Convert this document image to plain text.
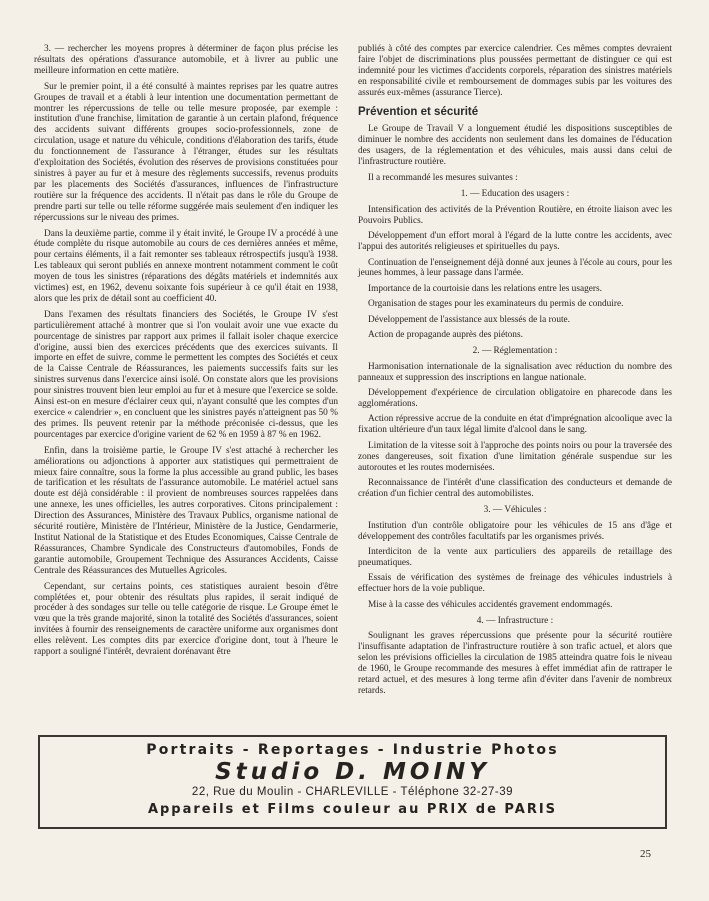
3. — rechercher les moyens propres à déterminer de façon plus précise les résultats des opérations d'assurance automobile, et à livrer au public une meilleure information en cette matière.

Sur le premier point, il a été consulté à maintes reprises par les quatre autres Groupes de travail et a établi à leur intention une documentation permettant de montrer les répercussions de telle ou telle mesure proposée, par exemple : institution d'une franchise, limitation de garantie à un certain plafond, fréquence des accidents suivant différents groupes socio-professionnels, zone de circulation, usage et nature du véhicule, conditions d'élaboration des tarifs, étude du fonctionnement de l'assurance à l'étranger, études sur les résultats d'exploitation des Sociétés, évolution des réserves de provisions constituées pour sinistres à payer au fur et à mesure des règlements successifs, revenus produits par les placements des Sociétés d'assurances, influences de l'infrastructure routière sur la fréquence des accidents. Il n'était pas dans le rôle du Groupe de prendre parti sur telle ou telle réforme suggérée mais seulement d'en indiquer les répercussions sur le niveau des primes.

Dans la deuxième partie, comme il y était invité, le Groupe IV a procédé à une étude complète du risque automobile au cours de ces dernières années et même, pour certains éléments, il a fait remonter ses tableaux rétrospectifs jusqu'à 1938. Les tableaux qui seront publiés en annexe montrent notamment comment le coût moyen de tous les sinistres (réparations des dégâts matériels et indemnités aux victimes) est, en 1962, devenu soixante fois supérieur à ce qu'il était en 1938, alors que les prix de détail sont au coefficient 40.

Dans l'examen des résultats financiers des Sociétés, le Groupe IV s'est particulièrement attaché à montrer que si l'on voulait avoir une vue exacte du pourcentage de sinistres par rapport aux primes il fallait isoler chaque exercice d'origine, aussi bien des exercices précédents que des exercices suivants. Il importe en effet de suivre, comme le permettent les comptes des Sociétés et ceux de la Caisse Centrale de Réassurances, les paiements successifs faits sur les sinistres survenus dans l'exercice ainsi isolé. On constate alors que les provisions pour sinistres trouvent bien leur emploi au fur et à mesure que l'exercice se solde. Ainsi est-on en mesure d'éclairer ceux qui, n'ayant consulté que les comptes d'un exercice « calendrier », en concluent que les sinistres payés n'atteignent pas 50 % des primes. Ils peuvent retenir par la méthode préconisée ci-dessus, que les pourcentages par exercice d'origine varient de 62 % en 1959 à 87 % en 1962.

Enfin, dans la troisième partie, le Groupe IV s'est attaché à rechercher les améliorations ou adjonctions à apporter aux statistiques qui permettraient de mieux faire connaître, sous la forme la plus accessible au grand public, les bases de tarification et les résultats de l'assurance automobile. Le matériel actuel sans doute est déjà considérable : il provient de nombreuses sources rappelées dans une annexe, les unes officielles, les autres corporatives. Citons principalement : Direction des Assurances, Ministère des Travaux Publics, organisme national de sécurité routière, Ministère de l'Intérieur, Ministère de la Justice, Gendarmerie, Institut National de la Statistique et des Etudes Economiques, Caisse Centrale de Réassurances, Chambre Syndicale des Constructeurs d'automobiles, Fonds de garantie automobile, Groupement Technique des Assurances Accidents, Caisse Centrale des Réassurances des Mutuelles Agricoles.

Cependant, sur certains points, ces statistiques auraient besoin d'être complétées et, pour obtenir des résultats plus rapides, il serait indiqué de procéder à des sondages sur telle ou telle catégorie de risque. Le Groupe émet le vœu que la très grande majorité, sinon la totalité des Sociétés d'assurances, soient invitées à fournir des renseignements de caractère uniforme aux organismes dont elles relèvent. Les comptes dits par exercice d'origine dont, tout à l'heure le rapport a souligné l'intérêt, devraient dorénavant être

publiés à côté des comptes par exercice calendrier. Ces mêmes comptes devraient faire l'objet de discriminations plus poussées permettant de distinguer ce qui est indemnité pour les victimes d'accidents corporels, réparation des sinistres matériels en responsabilité civile et remboursement de dommages subis par les voitures des assurés eux-mêmes (assurance Tierce).

Prévention et sécurité

Le Groupe de Travail V a longuement étudié les dispositions susceptibles de diminuer le nombre des accidents non seulement dans les domaines de l'éducation des usagers, de la réglementation et des véhicules, mais aussi dans celui de l'infrastructure routière.

Il a recommandé les mesures suivantes :

1. — Education des usagers :

Intensification des activités de la Prévention Routière, en étroite liaison avec les Pouvoirs Publics.

Développement d'un effort moral à l'égard de la lutte contre les accidents, avec l'appui des autorités religieuses et spirituelles du pays.

Continuation de l'enseignement déjà donné aux jeunes à l'école au cours, pour les jeunes hommes, à leur passage dans l'armée.

Importance de la courtoisie dans les relations entre les usagers.

Organisation de stages pour les examinateurs du permis de conduire.

Développement de l'assistance aux blessés de la route.

Action de propagande auprès des piétons.

2. — Réglementation :

Harmonisation internationale de la signalisation avec réduction du nombre des panneaux et suppression des inscriptions en langue nationale.

Développement d'expérience de circulation obligatoire en pharecode dans les agglomérations.

Action répressive accrue de la conduite en état d'imprégnation alcoolique avec la fixation ultérieure d'un taux légal limite d'alcool dans le sang.

Limitation de la vitesse soit à l'approche des points noirs ou pour la traversée des zones dangereuses, soit fixation d'une limitation générale suspendue sur les autoroutes et les routes modernisées.

Reconnaissance de l'intérêt d'une classification des conducteurs et demande de création d'un fichier central des automobilistes.

3. — Véhicules :

Institution d'un contrôle obligatoire pour les véhicules de 15 ans d'âge et développement des contrôles facultatifs par les organismes privés.

Interdiciton de la vente aux particuliers des appareils de retaillage des pneumatiques.

Essais de vérification des systèmes de freinage des véhicules industriels à effectuer hors de la voie publique.

Mise à la casse des véhicules accidentés gravement endommagés.

4. — Infrastructure :

Soulignant les graves répercussions que présente pour la sécurité routière l'insuffisante adaptation de l'infrastructure routière à son trafic actuel, et alors que selon les prévisions officielles la circulation de 1985 atteindra quatre fois le niveau de 1960, le Groupe recommande des mesures à effet immédiat afin de rattraper le retard actuel, et des mesures à long terme afin d'éviter dans l'avenir de nombreux retards.

Portraits - Reportages - Industrie Photos
Studio D. MOINY
22, Rue du Moulin - CHARLEVILLE - Téléphone 32-27-39
Appareils et Films couleur au PRIX de PARIS
25
